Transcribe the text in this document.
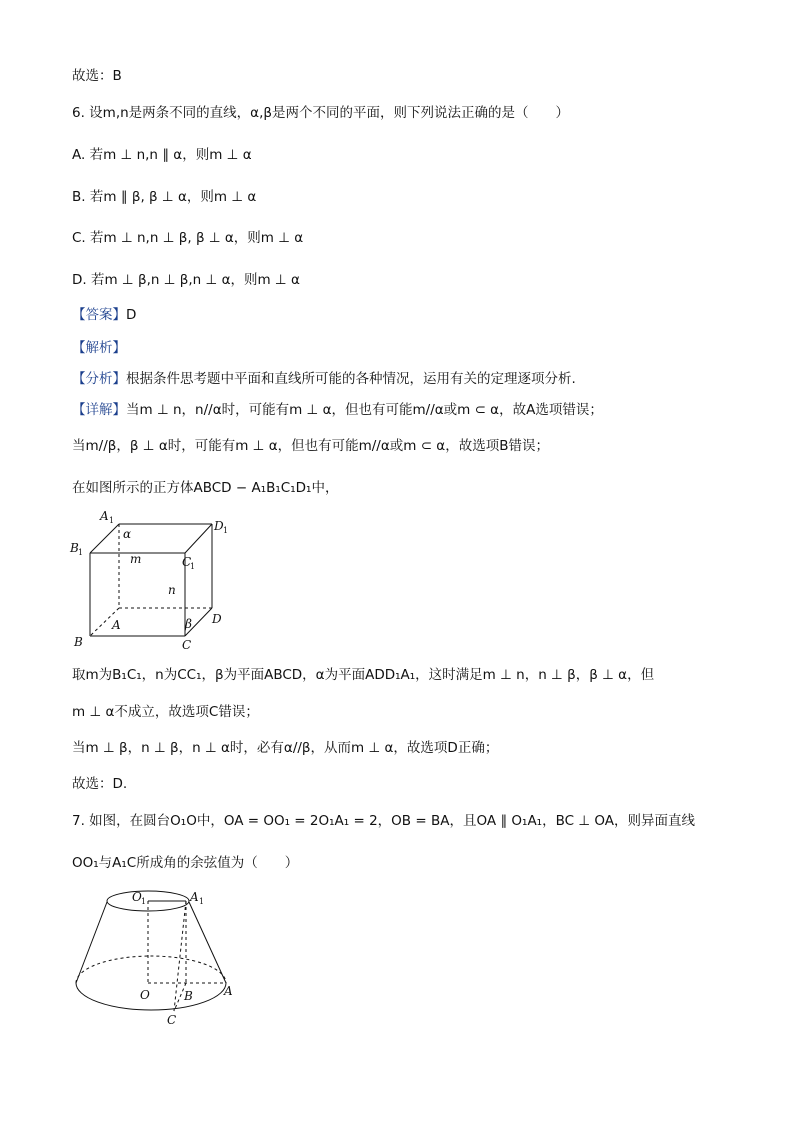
故选：B
6. 设m,n是两条不同的直线，α,β是两个不同的平面，则下列说法正确的是（　　）
A. 若m ⊥ n,n ∥ α，则m ⊥ α
B. 若m ∥ β, β ⊥ α，则m ⊥ α
C. 若m ⊥ n,n ⊥ β, β ⊥ α，则m ⊥ α
D. 若m ⊥ β,n ⊥ β,n ⊥ α，则m ⊥ α
【答案】D
【解析】
【分析】根据条件思考题中平面和直线所可能的各种情况，运用有关的定理逐项分析.
【详解】当m ⊥ n，n//α时，可能有m ⊥ α，但也有可能m//α或m ⊂ α，故A选项错误；
当m//β，β ⊥ α时，可能有m ⊥ α，但也有可能m//α或m ⊂ α，故选项B错误；
在如图所示的正方体ABCD − A₁B₁C₁D₁中，
A 1	D 1
B 1
C
1
α
m
n
A	β D
B	C
取m为B₁C₁，n为CC₁，β为平面ABCD，α为平面ADD₁A₁，这时满足m ⊥ n，n ⊥ β，β ⊥ α，但
m ⊥ α不成立，故选项C错误；
当m ⊥ β，n ⊥ β，n ⊥ α时，必有α//β，从而m ⊥ α，故选项D正确；
故选：D.
7. 如图，在圆台O₁O中，OA = OO₁ = 2O₁A₁ = 2，OB = BA，且OA ∥ O₁A₁，BC ⊥ OA，则异面直线
OO₁与A₁C所成角的余弦值为（　　）
O 1	A 1
O	B	A
C
